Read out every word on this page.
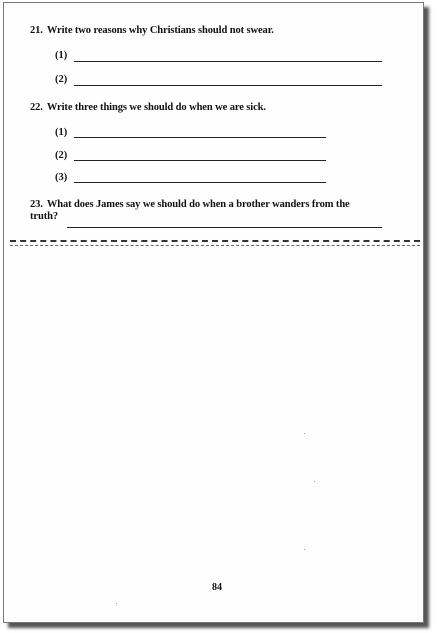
21. Write two reasons why Christians should not swear.
(1)
(2)
22. Write three things we should do when we are sick.
(1)
(2)
(3)
23. What does James say we should do when a brother wanders from the
truth?
84
